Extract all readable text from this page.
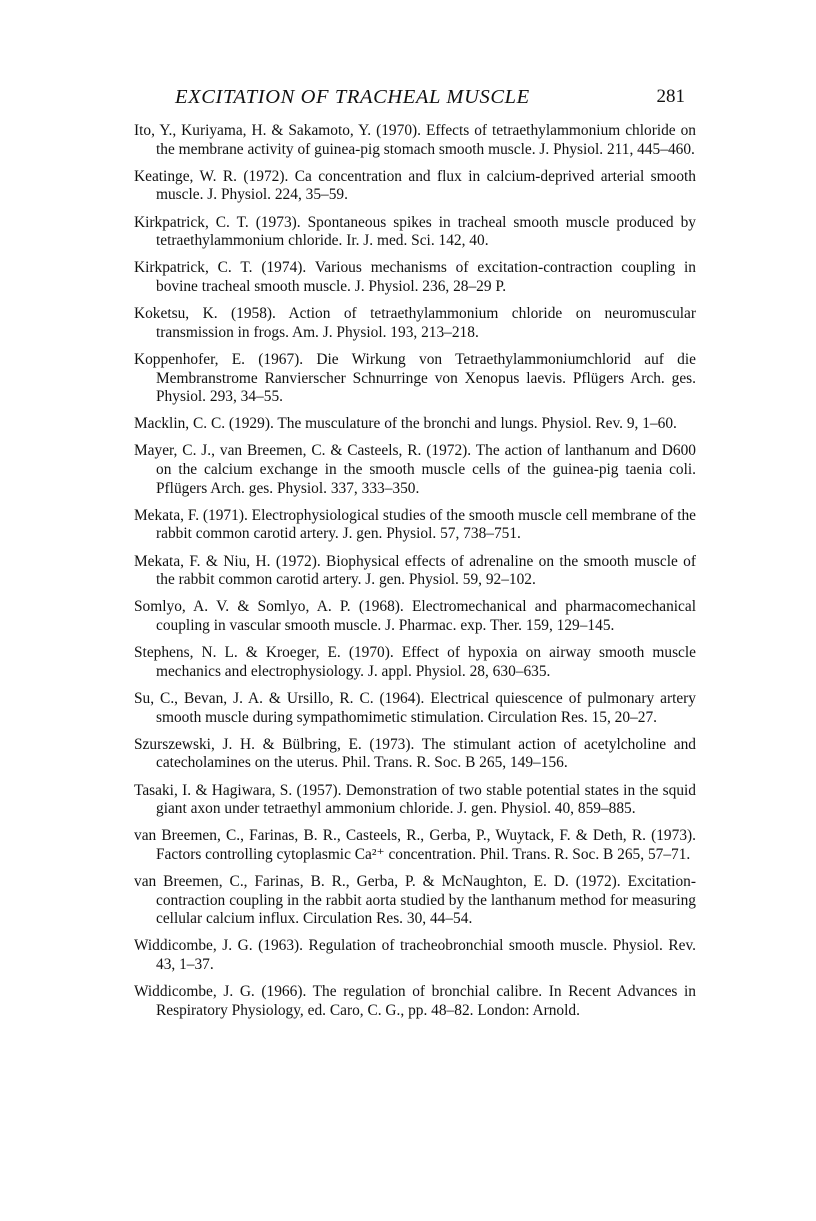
EXCITATION OF TRACHEAL MUSCLE	281

Ito, Y., Kuriyama, H. & Sakamoto, Y. (1970). Effects of tetraethylammonium chloride on the membrane activity of guinea-pig stomach smooth muscle. J. Physiol. 211, 445–460.

Keatinge, W. R. (1972). Ca concentration and flux in calcium-deprived arterial smooth muscle. J. Physiol. 224, 35–59.

Kirkpatrick, C. T. (1973). Spontaneous spikes in tracheal smooth muscle produced by tetraethylammonium chloride. Ir. J. med. Sci. 142, 40.

Kirkpatrick, C. T. (1974). Various mechanisms of excitation-contraction coupling in bovine tracheal smooth muscle. J. Physiol. 236, 28–29 P.

Koketsu, K. (1958). Action of tetraethylammonium chloride on neuromuscular transmission in frogs. Am. J. Physiol. 193, 213–218.

Koppenhofer, E. (1967). Die Wirkung von Tetraethylammoniumchlorid auf die Membranstrome Ranvierscher Schnurringe von Xenopus laevis. Pflügers Arch. ges. Physiol. 293, 34–55.

Macklin, C. C. (1929). The musculature of the bronchi and lungs. Physiol. Rev. 9, 1–60.

Mayer, C. J., van Breemen, C. & Casteels, R. (1972). The action of lanthanum and D600 on the calcium exchange in the smooth muscle cells of the guinea-pig taenia coli. Pflügers Arch. ges. Physiol. 337, 333–350.

Mekata, F. (1971). Electrophysiological studies of the smooth muscle cell membrane of the rabbit common carotid artery. J. gen. Physiol. 57, 738–751.

Mekata, F. & Niu, H. (1972). Biophysical effects of adrenaline on the smooth muscle of the rabbit common carotid artery. J. gen. Physiol. 59, 92–102.

Somlyo, A. V. & Somlyo, A. P. (1968). Electromechanical and pharmacomechanical coupling in vascular smooth muscle. J. Pharmac. exp. Ther. 159, 129–145.

Stephens, N. L. & Kroeger, E. (1970). Effect of hypoxia on airway smooth muscle mechanics and electrophysiology. J. appl. Physiol. 28, 630–635.

Su, C., Bevan, J. A. & Ursillo, R. C. (1964). Electrical quiescence of pulmonary artery smooth muscle during sympathomimetic stimulation. Circulation Res. 15, 20–27.

Szurszewski, J. H. & Bülbring, E. (1973). The stimulant action of acetylcholine and catecholamines on the uterus. Phil. Trans. R. Soc. B 265, 149–156.

Tasaki, I. & Hagiwara, S. (1957). Demonstration of two stable potential states in the squid giant axon under tetraethyl ammonium chloride. J. gen. Physiol. 40, 859–885.

van Breemen, C., Farinas, B. R., Casteels, R., Gerba, P., Wuytack, F. & Deth, R. (1973). Factors controlling cytoplasmic Ca²⁺ concentration. Phil. Trans. R. Soc. B 265, 57–71.

van Breemen, C., Farinas, B. R., Gerba, P. & McNaughton, E. D. (1972). Excitation-contraction coupling in the rabbit aorta studied by the lanthanum method for measuring cellular calcium influx. Circulation Res. 30, 44–54.

Widdicombe, J. G. (1963). Regulation of tracheobronchial smooth muscle. Physiol. Rev. 43, 1–37.

Widdicombe, J. G. (1966). The regulation of bronchial calibre. In Recent Advances in Respiratory Physiology, ed. Caro, C. G., pp. 48–82. London: Arnold.
